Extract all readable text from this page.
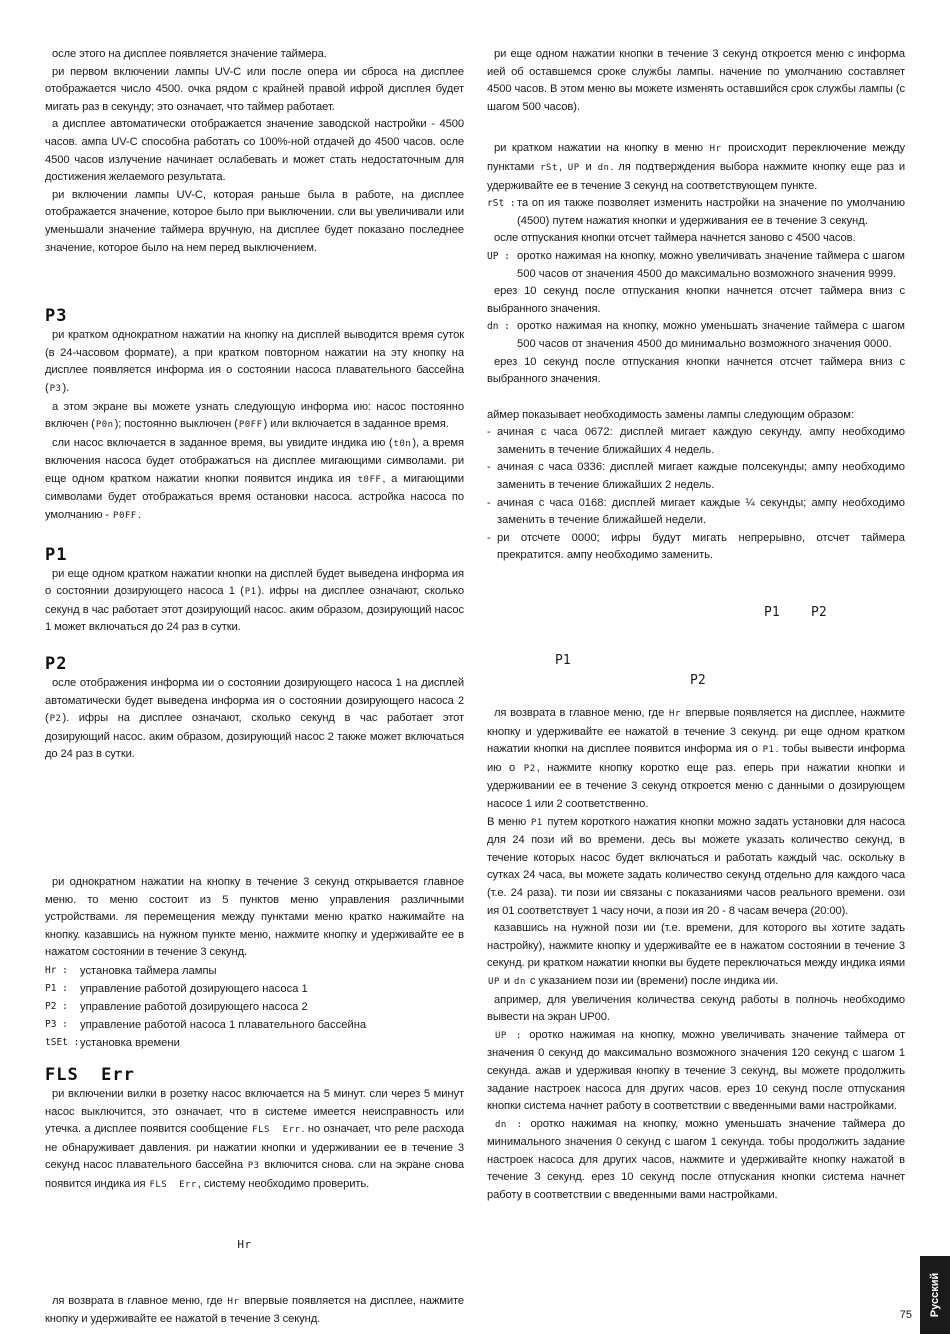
осле этого на дисплее появляется значение таймера.

ри первом включении лампы UV-C или после опера ии сброса на дисплее отображается число 4500. очка рядом с крайней правой ифрой дисплея будет мигать раз в секунду; это означает, что таймер работает.

а дисплее автоматически отображается значение заводской настройки - 4500 часов. ампа UV-C способна работать со 100%-ной отдачей до 4500 часов. осле 4500 часов излучение начинает ослабевать и может стать недостаточным для достижения желаемого результата.

ри включении лампы UV-C, которая раньше была в работе, на дисплее отображается значение, которое было при выключении. сли вы увеличивали или уменьшали значение таймера вручную, на дисплее будет показано последнее значение, которое было на нем перед выключением.

P3

ри кратком однократном нажатии на кнопку на дисплей выводится время суток (в 24-часовом формате), а при кратком повторном нажатии на эту кнопку на дисплее появляется информа ия о состоянии насоса плавательного бассейна (P3).

а этом экране вы можете узнать следующую информа ию: насос постоянно включен (P0n); постоянно выключен (P0FF) или включается в заданное время.

сли насос включается в заданное время, вы увидите индика ию (t0n), а время включения насоса будет отображаться на дисплее мигающими символами. ри еще одном кратком нажатии кнопки появится индика ия t0FF, а мигающими символами будет отображаться время остановки насоса. астройка насоса по умолчанию - P0FF.

P1

ри еще одном кратком нажатии кнопки на дисплей будет выведена информа ия о состоянии дозирующего насоса 1 (P1). ифры на дисплее означают, сколько секунд в час работает этот дозирующий насос. аким образом, дозирующий насос 1 может включаться до 24 раз в сутки.

P2

осле отображения информа ии о состоянии дозирующего насоса 1 на дисплей автоматически будет выведена информа ия о состоянии дозирующего насоса 2 (P2). ифры на дисплее означают, сколько секунд в час работает этот дозирующий насос. аким образом, дозирующий насос 2 также может включаться до 24 раз в сутки.

ри однократном нажатии на кнопку в течение 3 секунд открывается главное меню. то меню состоит из 5 пунктов меню управления различными устройствами. ля перемещения между пунктами меню кратко нажимайте на кнопку. казавшись на нужном пункте меню, нажмите кнопку и удерживайте ее в нажатом состоянии в течение 3 секунд.

Hr :	установка таймера лампы
P1 :	управление работой дозирующего насоса 1
P2 :	управление работой дозирующего насоса 2
P3 :	управление работой насоса 1 плавательного бассейна
tSEt : установка времени
FLS  Err

ри включении вилки в розетку насос включается на 5 минут. сли через 5 минут насос выключится, это означает, что в системе имеется неисправность или утечка. а дисплее появится сообщение FLS  Err. но означает, что реле расхода не обнаруживает давления. ри нажатии кнопки и удерживании ее в течение 3 секунд насос плавательного бассейна P3 включится снова. сли на экране снова появится индика ия FLS  Err, систему необходимо проверить.

Hr

ля возврата в главное меню, где Hr впервые появляется на дисплее, нажмите кнопку и удерживайте ее нажатой в течение 3 секунд.

ри еще одном нажатии кнопки в течение 3 секунд откроется меню с информа ией об оставшемся сроке службы лампы. начение по умолчанию составляет 4500 часов. В этом меню вы можете изменять оставшийся срок службы лампы (с шагом 500 часов).

ри кратком нажатии на кнопку в меню Hr происходит переключение между пунктами rSt, UP и dn. ля подтверждения выбора нажмите кнопку еще раз и удерживайте ее в течение 3 секунд на соответствующем пункте.

rSt : та оп ия также позволяет изменить настройки на значение по умолчанию (4500) путем нажатия кнопки и удерживания ее в течение 3 секунд.

осле отпускания кнопки отсчет таймера начнется заново с 4500 часов.

UP : оротко нажимая на кнопку, можно увеличивать значение таймера с шагом 500 часов от значения 4500 до максимально возможного значения 9999.

ерез 10 секунд после отпускания кнопки начнется отсчет таймера вниз с выбранного значения.

dn : оротко нажимая на кнопку, можно уменьшать значение таймера с шагом 500 часов от значения 4500 до минимально возможного значения 0000.

ерез 10 секунд после отпускания кнопки начнется отсчет таймера вниз с выбранного значения.

аймер показывает необходимость замены лампы следующим образом:

- ачиная с часа 0672: дисплей мигает каждую секунду. ампу необходимо заменить в течение ближайших 4 недель.
- ачиная с часа 0336: дисплей мигает каждые полсекунды; ампу необходимо заменить в течение ближайших 2 недель.
- ачиная с часа 0168: дисплей мигает каждые ¼ секунды; ампу необходимо заменить в течение ближайшей недели.
- ри отсчете 0000; ифры будут мигать непрерывно, отсчет таймера прекратится. ампу необходимо заменить.
P1 P2
P1
P2

ля возврата в главное меню, где Hr впервые появляется на дисплее, нажмите кнопку и удерживайте ее нажатой в течение 3 секунд. ри еще одном кратком нажатии кнопки на дисплее появится информа ия о P1. тобы вывести информа ию о P2, нажмите кнопку коротко еще раз. еперь при нажатии кнопки и удерживании ее в течение 3 секунд откроется меню с данными о дозирующем насосе 1 или 2 соответственно.

В меню P1 путем короткого нажатия кнопки можно задать установки для насоса для 24 пози ий во времени. десь вы можете указать количество секунд, в течение которых насос будет включаться и работать каждый час. оскольку в сутках 24 часа, вы можете задать количество секунд отдельно для каждого часа (т.е. 24 раза). ти пози ии связаны с показаниями часов реального времени. ози ия 01 соответствует 1 часу ночи, а пози ия 20 - 8 часам вечера (20:00).

казавшись на нужной пози ии (т.е. времени, для которого вы хотите задать настройку), нажмите кнопку и удерживайте ее в нажатом состоянии в течение 3 секунд. ри кратком нажатии кнопки вы будете переключаться между индика иями UP и dn с указанием пози ии (времени) после индика ии.

апример, для увеличения количества секунд работы в полночь необходимо вывести на экран UP00.

UP : оротко нажимая на кнопку, можно увеличивать значение таймера от значения 0 секунд до максимально возможного значения 120 секунд с шагом 1 секунда. ажав и удерживая кнопку в течение 3 секунд, вы можете продолжить задание настроек насоса для других часов. ерез 10 секунд после отпускания кнопки система начнет работу в соответствии с введенными вами настройками.

dn : оротко нажимая на кнопку, можно уменьшать значение таймера до минимального значения 0 секунд с шагом 1 секунда. тобы продолжить задание настроек насоса для других часов, нажмите и удерживайте кнопку нажатой в течение 3 секунд. ерез 10 секунд после отпускания кнопки система начнет работу в соответствии с введенными вами настройками.

Русский
75
